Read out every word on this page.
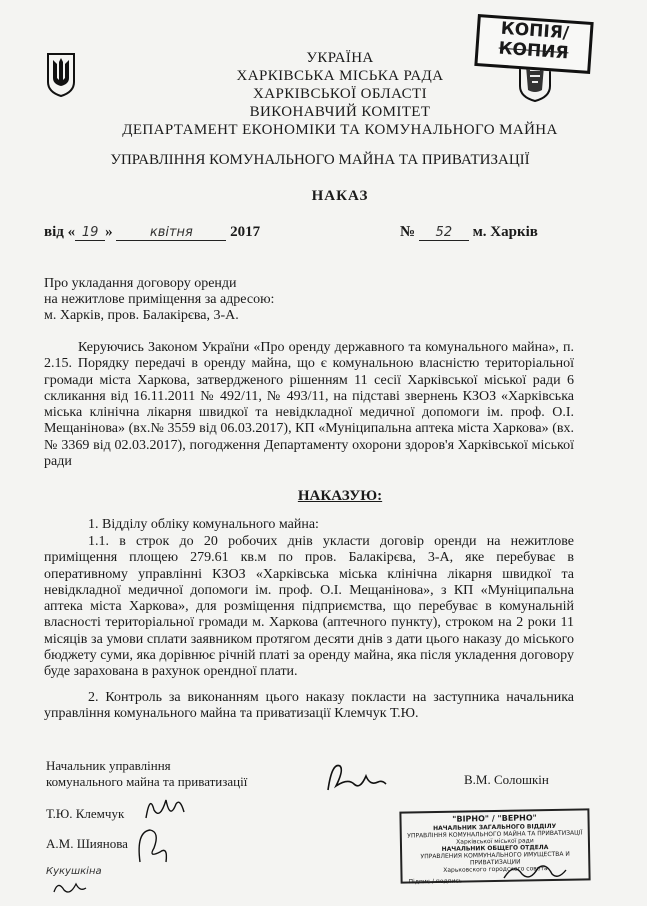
КОПІЯ/
КОПИЯ
УКРАЇНА
ХАРКІВСЬКА МІСЬКА РАДА
ХАРКІВСЬКОЇ ОБЛАСТІ
ВИКОНАВЧИЙ КОМІТЕТ
ДЕПАРТАМЕНТ ЕКОНОМІКИ ТА КОМУНАЛЬНОГО МАЙНА
УПРАВЛІННЯ КОМУНАЛЬНОГО МАЙНА ТА ПРИВАТИЗАЦІЇ
НАКАЗ
від « 19 »	квітня 2017	№ 52 м. Харків
Про укладання договору оренди
на нежитлове приміщення за адресою:
м. Харків, пров. Балакірєва, 3-А.
Керуючись Законом України «Про оренду державного та комунального майна», п. 2.15. Порядку передачі в оренду майна, що є комунальною власністю територіальної громади міста Харкова, затвердженого рішенням 11 сесії Харківської міської ради 6 скликання від 16.11.2011 № 492/11, № 493/11, на підставі звернень КЗОЗ «Харківська міська клінічна лікарня швидкої та невідкладної медичної допомоги ім. проф. О.І. Мещанінова» (вх.№ 3559 від 06.03.2017), КП «Муніципальна аптека міста Харкова» (вх.№ 3369 від 02.03.2017), погодження Департаменту охорони здоров'я Харківської міської ради
НАКАЗУЮ:
1. Відділу обліку комунального майна:
1.1. в строк до 20 робочих днів укласти договір оренди на нежитлове приміщення площею 279.61 кв.м по пров. Балакірєва, 3-А, яке перебуває в оперативному управлінні КЗОЗ «Харківська міська клінічна лікарня швидкої та невідкладної медичної допомоги ім. проф. О.І. Мещанінова», з КП «Муніципальна аптека міста Харкова», для розміщення підприємства, що перебуває в комунальній власності територіальної громади м. Харкова (аптечного пункту), строком на 2 роки 11 місяців за умови сплати заявником протягом десяти днів з дати цього наказу до міського бюджету суми, яка дорівнює річній платі за оренду майна, яка після укладення договору буде зарахована в рахунок орендної плати.
2. Контроль за виконанням цього наказу покласти на заступника начальника управління комунального майна та приватизації Клемчук Т.Ю.
Начальник управління
комунального майна та приватизації	В.М. Солошкін
Т.Ю. Клемчук
А.М. Шиянова
Кукушкіна
"ВІРНО" / "ВЕРНО"
НАЧАЛЬНИК ЗАГАЛЬНОГО ВІДДІЛУ
УПРАВЛІННЯ КОМУНАЛЬНОГО МАЙНА ТА ПРИВАТИЗАЦІЇ
Харківської міської ради
НАЧАЛЬНИК ОБЩЕГО ОТДЕЛА
УПРАВЛЕНИЯ КОММУНАЛЬНОГО ИМУЩЕСТВА И ПРИВАТИЗАЦИИ
Харьковского городского совета
Підпис / подпись
